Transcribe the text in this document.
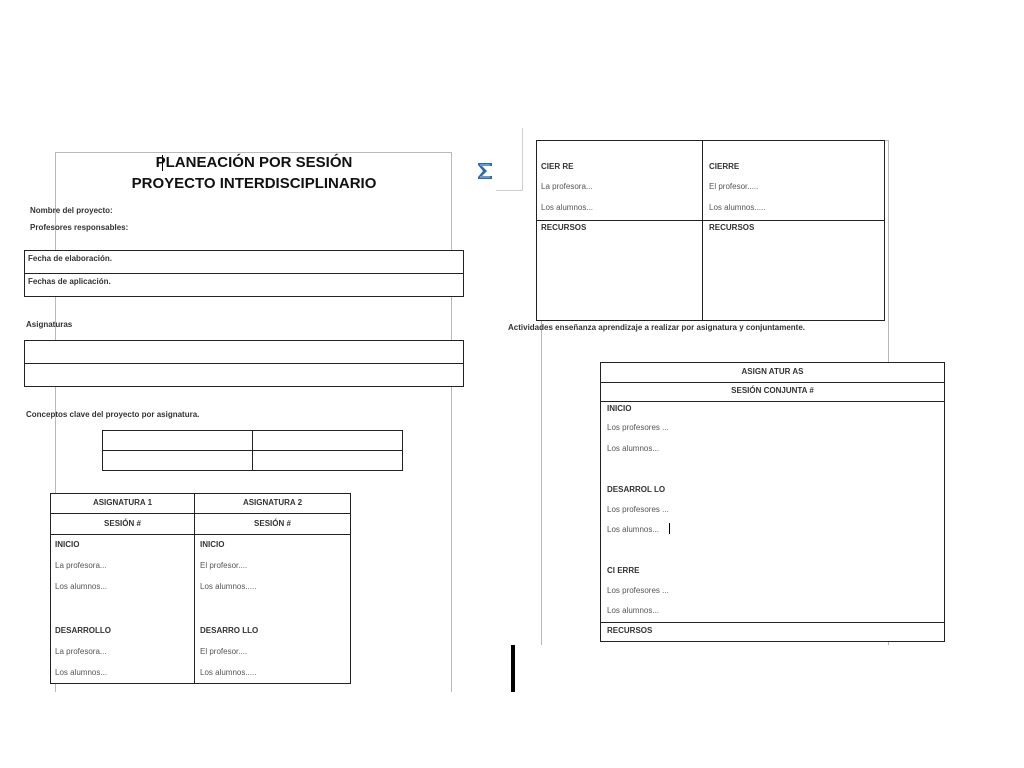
PLANEACIÓN POR SESIÓN
PROYECTO INTERDISCIPLINARIO
Nombre del proyecto:
Profesores responsables:
Fecha de elaboración.
Fechas de aplicación.
Asignaturas
Conceptos clave del proyecto por asignatura.
ASIGNATURA 1	ASIGNATURA 2
SESIÓN #	SESIÓN #
INICIO
La profesora...
Los alumnos...
DESARROLLO
La profesora...
Los alumnos...
INICIO
El profesor....
Los alumnos.....
DESARRO LLO
El profesor....
Los alumnos.....
CIER RE
La profesora...
Los alumnos...
RECURSOS
CIERRE
El profesor.....
Los alumnos.....
RECURSOS
Actividades enseñanza aprendizaje a realizar por asignatura y conjuntamente.
ASIGN ATUR AS
SESIÓN CONJUNTA #
INICIO
Los profesores ...
Los alumnos...
DESARROL LO
Los profesores ...
Los alumnos...
CI ERRE
Los profesores ...
Los alumnos...
RECURSOS
